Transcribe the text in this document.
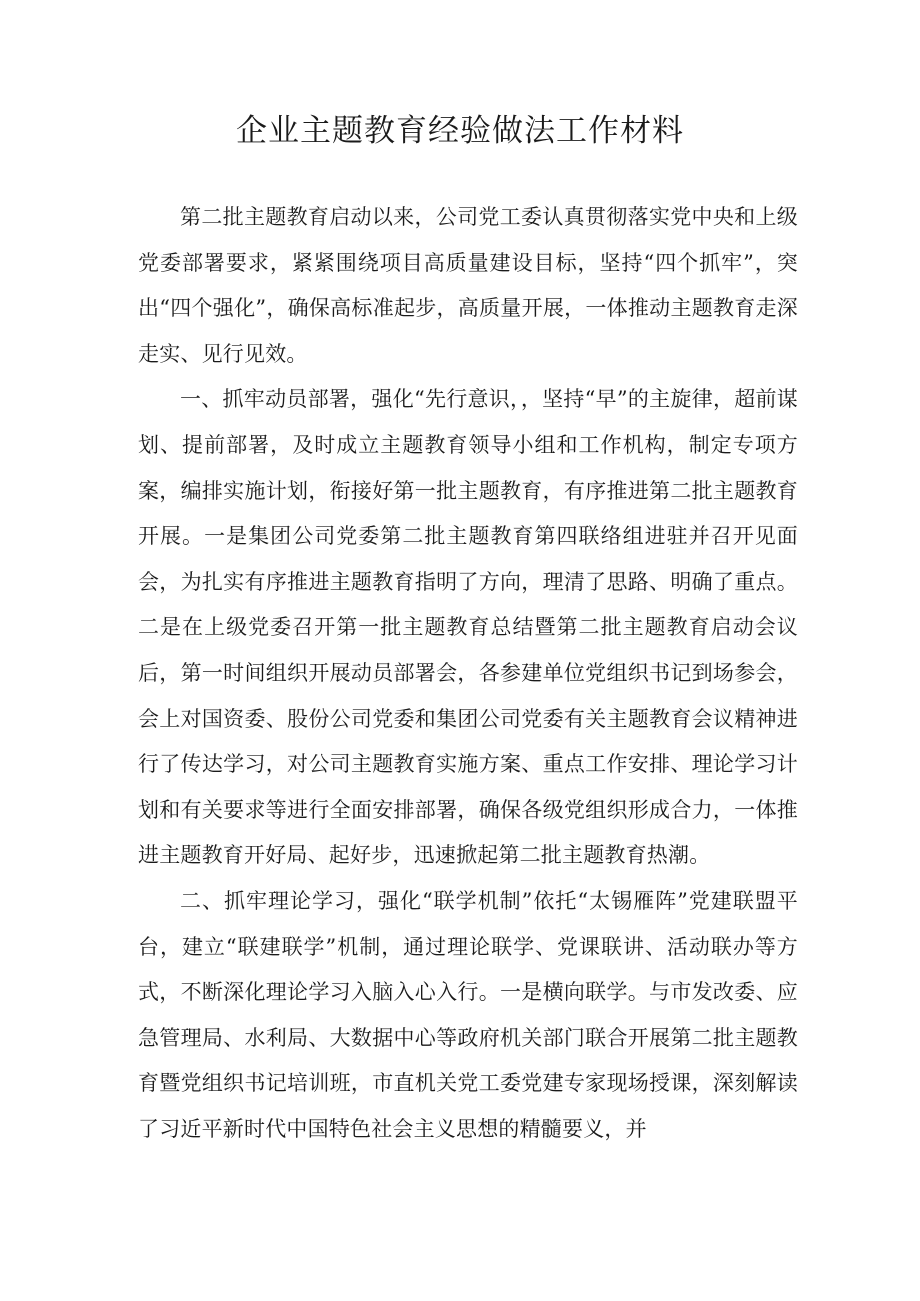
企业主题教育经验做法工作材料

第二批主题教育启动以来，公司党工委认真贯彻落实党中央和上级党委部署要求，紧紧围绕项目高质量建设目标，坚持“四个抓牢”，突出“四个强化”，确保高标准起步，高质量开展，一体推动主题教育走深走实、见行见效。

一、抓牢动员部署，强化“先行意识，，坚持“早”的主旋律，超前谋划、提前部署，及时成立主题教育领导小组和工作机构，制定专项方案，编排实施计划，衔接好第一批主题教育，有序推进第二批主题教育开展。一是集团公司党委第二批主题教育第四联络组进驻并召开见面会，为扎实有序推进主题教育指明了方向，理清了思路、明确了重点。二是在上级党委召开第一批主题教育总结暨第二批主题教育启动会议后，第一时间组织开展动员部署会，各参建单位党组织书记到场参会，会上对国资委、股份公司党委和集团公司党委有关主题教育会议精神进行了传达学习，对公司主题教育实施方案、重点工作安排、理论学习计划和有关要求等进行全面安排部署，确保各级党组织形成合力，一体推进主题教育开好局、起好步，迅速掀起第二批主题教育热潮。

二、抓牢理论学习，强化“联学机制”依托“太锡雁阵”党建联盟平台，建立“联建联学”机制，通过理论联学、党课联讲、活动联办等方式，不断深化理论学习入脑入心入行。一是横向联学。与市发改委、应急管理局、水利局、大数据中心等政府机关部门联合开展第二批主题教育暨党组织书记培训班，市直机关党工委党建专家现场授课，深刻解读了习近平新时代中国特色社会主义思想的精髓要义，并
